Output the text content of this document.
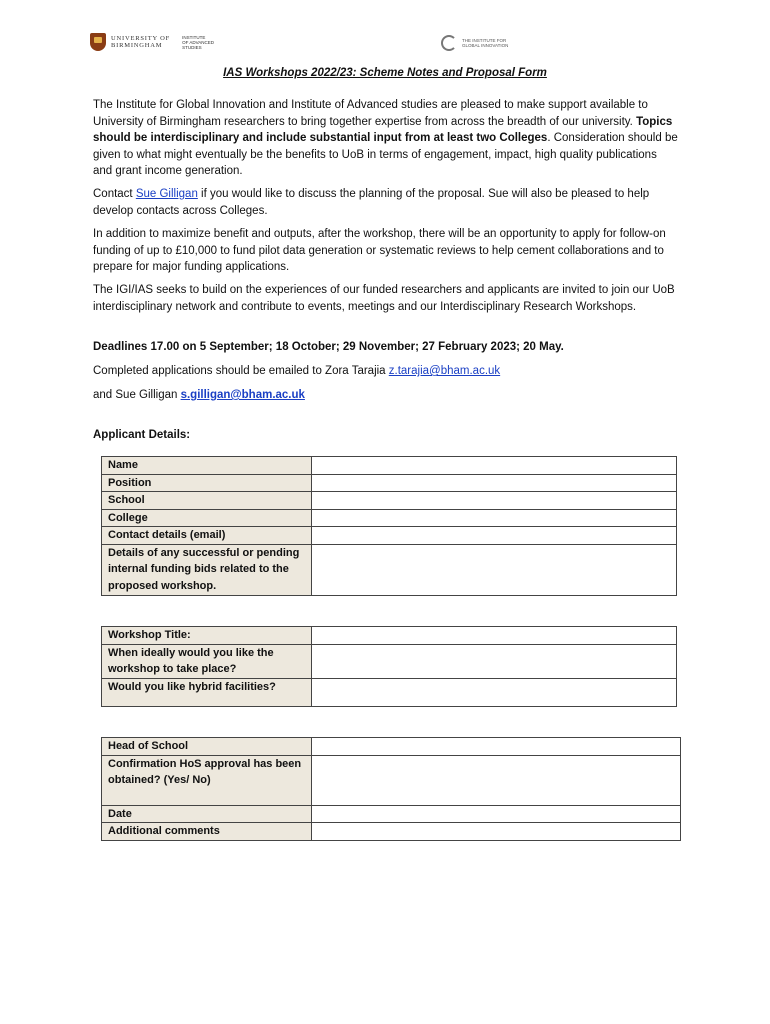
UNIVERSITY OF
BIRMINGHAM
INSTITUTE
OF ADVANCED
STUDIES
THE INSTITUTE FOR
GLOBAL INNOVATION
IAS Workshops 2022/23: Scheme Notes and Proposal Form
The Institute for Global Innovation and Institute of Advanced studies are pleased to make support available to University of Birmingham researchers to bring together expertise from across the breadth of our university. Topics should be interdisciplinary and include substantial input from at least two Colleges. Consideration should be given to what might eventually be the benefits to UoB in terms of engagement, impact, high quality publications and grant income generation.
Contact Sue Gilligan if you would like to discuss the planning of the proposal. Sue will also be pleased to help develop contacts across Colleges.
In addition to maximize benefit and outputs, after the workshop, there will be an opportunity to apply for follow-on funding of up to £10,000 to fund pilot data generation or systematic reviews to help cement collaborations and to prepare for major funding applications.
The IGI/IAS seeks to build on the experiences of our funded researchers and applicants are invited to join our UoB interdisciplinary network and contribute to events, meetings and our Interdisciplinary Research Workshops.
Deadlines 17.00 on 5 September; 18 October; 29 November; 27 February 2023; 20 May.
Completed applications should be emailed to Zora Tarajia z.tarajia@bham.ac.uk
and Sue Gilligan s.gilligan@bham.ac.uk
Applicant Details:
Name	
Position	
School	
College	
Contact details (email)	
Details of any successful or pending internal funding bids related to the proposed workshop.	
Workshop Title:	
When ideally would you like the workshop to take place?	
Would you like hybrid facilities?	
Head of School	
Confirmation HoS approval has been obtained? (Yes/ No)	
Date	
Additional comments	
